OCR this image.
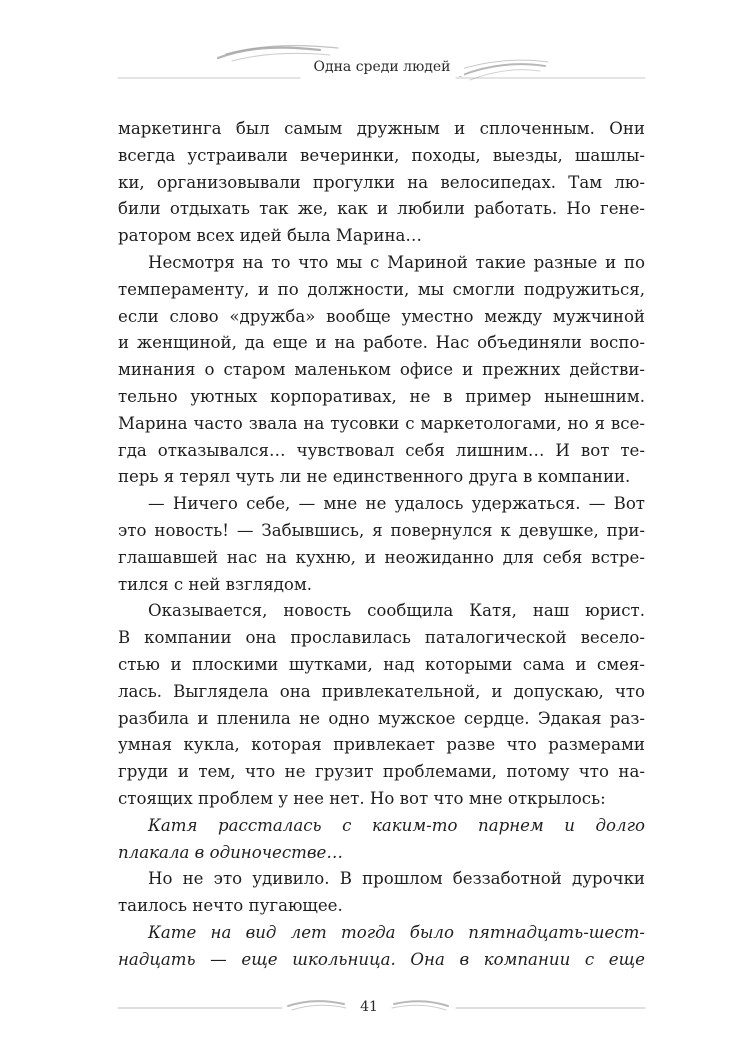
Одна среди людей
маркетинга был самым дружным и сплоченным. Они
всегда устраивали вечеринки, походы, выезды, шашлы-
ки, организовывали прогулки на велосипедах. Там лю-
били отдыхать так же, как и любили работать. Но гене-
ратором всех идей была Марина…
Несмотря на то что мы с Мариной такие разные и по
темпераменту, и по должности, мы смогли подружиться,
если слово «дружба» вообще уместно между мужчиной
и женщиной, да еще и на работе. Нас объединяли воспо-
минания о старом маленьком офисе и прежних действи-
тельно уютных корпоративах, не в пример нынешним.
Марина часто звала на тусовки с маркетологами, но я все-
гда отказывался… чувствовал себя лишним… И вот те-
перь я терял чуть ли не единственного друга в компании.
— Ничего себе, — мне не удалось удержаться. — Вот
это новость! — Забывшись, я повернулся к девушке, при-
глашавшей нас на кухню, и неожиданно для себя встре-
тился с ней взглядом.
Оказывается, новость сообщила Катя, наш юрист.
В компании она прославилась паталогической весело-
стью и плоскими шутками, над которыми сама и смея-
лась. Выглядела она привлекательной, и допускаю, что
разбила и пленила не одно мужское сердце. Эдакая раз-
умная кукла, которая привлекает разве что размерами
груди и тем, что не грузит проблемами, потому что на-
стоящих проблем у нее нет. Но вот что мне открылось:
Катя рассталась с каким-то парнем и долго
плакала в одиночестве…
Но не это удивило. В прошлом беззаботной дурочки
таилось нечто пугающее.
Кате на вид лет тогда было пятнадцать-шест-
надцать — еще школьница. Она в компании с еще
41
